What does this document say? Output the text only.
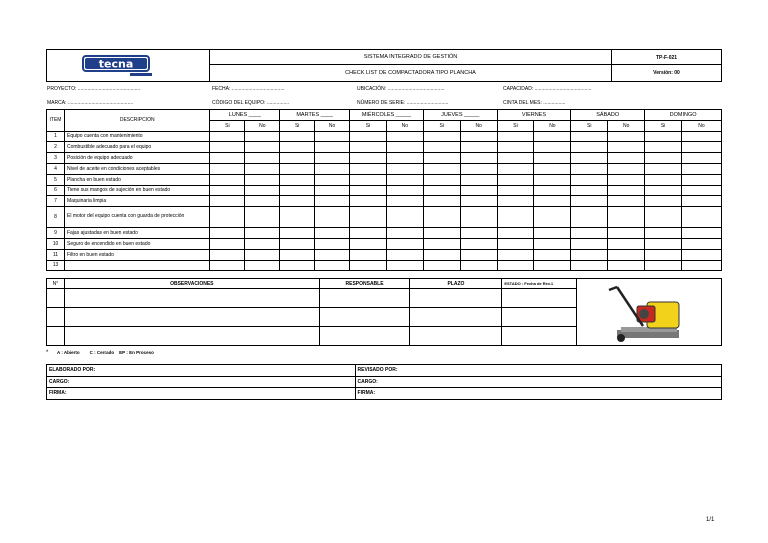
tecna
SISTEMA INTEGRADO DE GESTIÓN	TP-F-021
CHECK LIST DE COMPACTADORA TIPO PLANCHA	Versión: 00
PROYECTO: .............................................	FECHA: ......................................	UBICACIÓN: .........................................	CAPACIDAD: .........................................
MARCA: ...............................................	CÓDIGO DEL EQUIPO: ................	NÚMERO DE SERIE: ..............................	CINTA DEL MES: ................
ITEM	DESCRIPCION	LUNES ____		MARTES ____		MIÉRCOLES _____		JUEVES _____		VIERNES		SÁBADO		DOMINGO	
		Si	No	Si	No	Si	No	Si	No	Si	No	Si	No	Si	No
1	Equipo cuenta con mantenimiento														
2	Combustible adecuado para el equipo														
3	Posición de equipo adecuado														
4	Nivel de aceite en condiciones aceptables														
5	Plancha en buen estado														
6	Tiene sus mangos de sujeción en buen estado														
7	Maquinaria limpia														
8	El motor del equipo cuenta con guarda de protección														
9	Fajas ajustadas en buen estado														
10	Seguro de encendido en buen estado														
11	Filtro en buen estado														
13															
N°	OBSERVACIONES	RESPONSABLE	PLAZO	ESTADO : Fecha de Rev.1	

* A : Abierto        C : Cerrado    EP : En Proceso
ELABORADO POR:	REVISADO POR:
CARGO:	CARGO:
FIRMA:	FIRMA:
1/1
